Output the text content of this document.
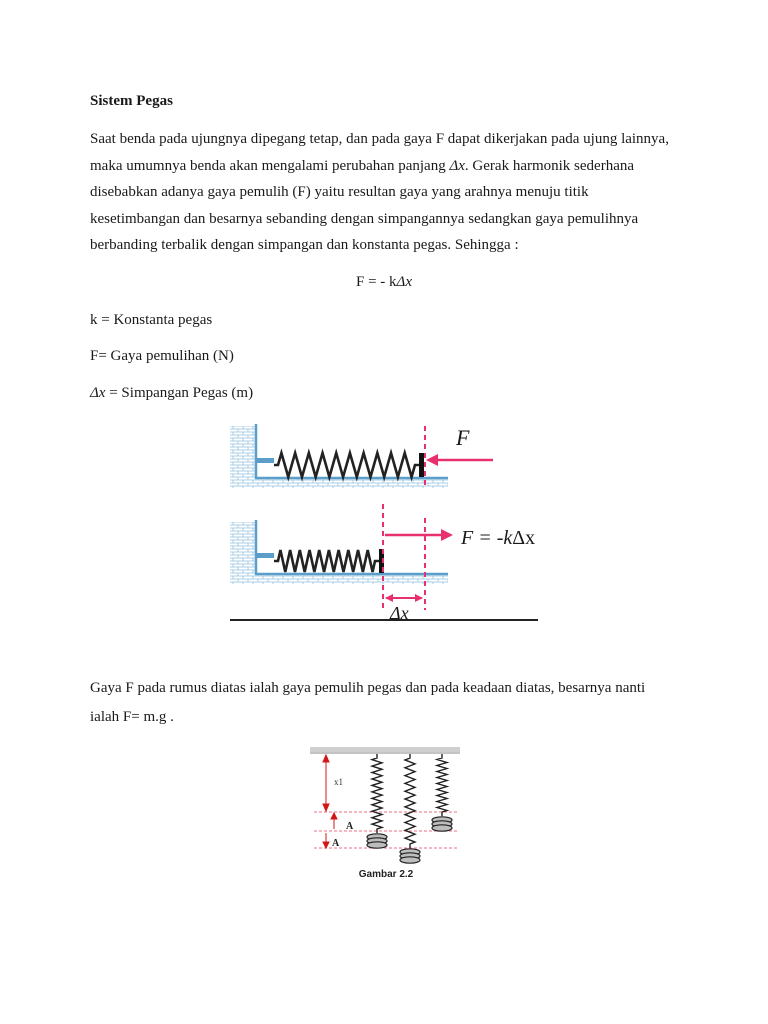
Sistem Pegas
Saat benda pada ujungnya dipegang tetap, dan pada gaya F dapat dikerjakan pada ujung lainnya,
maka umumnya benda akan mengalami perubahan panjang Δx. Gerak harmonik sederhana
disebabkan adanya gaya pemulih (F) yaitu resultan gaya yang arahnya menuju titik
kesetimbangan dan besarnya sebanding dengan simpangannya sedangkan gaya pemulihnya
berbanding terbalik dengan simpangan dan konstanta pegas. Sehingga :
F = - kΔx
k = Konstanta pegas
F= Gaya pemulihan (N)
Δx = Simpangan Pegas (m)
F
F = -kΔx
Δx
Gaya F pada rumus diatas ialah gaya pemulih pegas dan pada keadaan diatas, besarnya nanti
ialah F= m.g .
x1
A
A
Gambar 2.2
